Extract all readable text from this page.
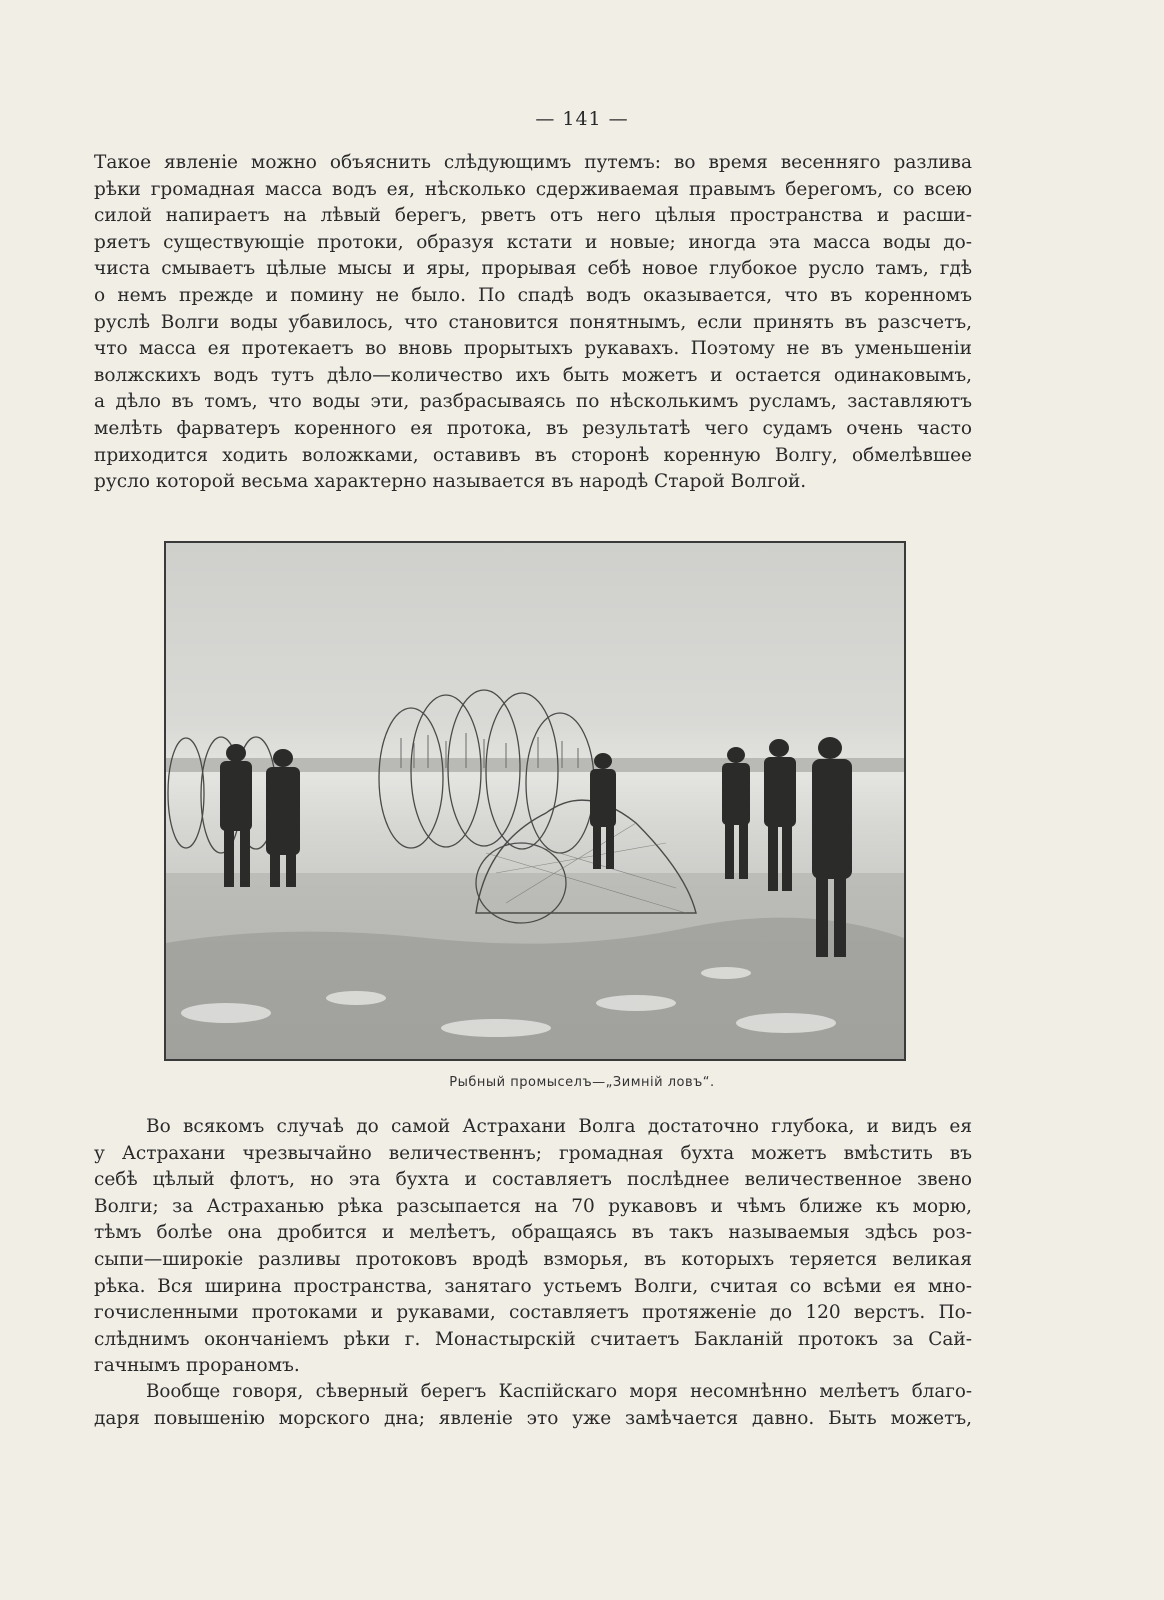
— 141 —
Такое явленіе можно объяснить слѣдующимъ путемъ: во время весенняго разлива
рѣки громадная масса водъ ея, нѣсколько сдерживаемая правымъ берегомъ, со всею
силой напираетъ на лѣвый берегъ, рветъ отъ него цѣлыя пространства и расши-
ряетъ существующіе протоки, образуя кстати и новые; иногда эта масса воды до-
чиста смываетъ цѣлые мысы и яры, прорывая себѣ новое глубокое русло тамъ, гдѣ
о немъ прежде и помину не было. По спадѣ водъ оказывается, что въ коренномъ
руслѣ Волги воды убавилось, что становится понятнымъ, если принять въ разсчетъ,
что масса ея протекаетъ во вновь прорытыхъ рукавахъ. Поэтому не въ уменьшеніи
волжскихъ водъ тутъ дѣло—количество ихъ быть можетъ и остается одинаковымъ,
а дѣло въ томъ, что воды эти, разбрасываясь по нѣсколькимъ русламъ, заставляютъ
мелѣть фарватеръ коренного ея протока, въ результатѣ чего судамъ очень часто
приходится ходить воложками, оставивъ въ сторонѣ коренную Волгу, обмелѣвшее
русло которой весьма характерно называется въ народѣ Старой Волгой.
Рыбный промыселъ—„Зимній ловъ“.
Во всякомъ случаѣ до самой Астрахани Волга достаточно глубока, и видъ ея
у Астрахани чрезвычайно величественнъ; громадная бухта можетъ вмѣстить въ
себѣ цѣлый флотъ, но эта бухта и составляетъ послѣднее величественное звено
Волги; за Астраханью рѣка разсыпается на 70 рукавовъ и чѣмъ ближе къ морю,
тѣмъ болѣе она дробится и мелѣетъ, обращаясь въ такъ называемыя здѣсь роз-
сыпи—широкіе разливы протоковъ вродѣ взморья, въ которыхъ теряется великая
рѣка. Вся ширина пространства, занятаго устьемъ Волги, считая со всѣми ея мно-
гочисленными протоками и рукавами, составляетъ протяженіе до 120 верстъ. По-
слѣднимъ окончаніемъ рѣки г. Монастырскій считаетъ Бакланій протокъ за Сай-
гачнымъ прораномъ.
Вообще говоря, сѣверный берегъ Каспійскаго моря несомнѣнно мелѣетъ благо-
даря повышенію морского дна; явленіе это уже замѣчается давно. Быть можетъ,
